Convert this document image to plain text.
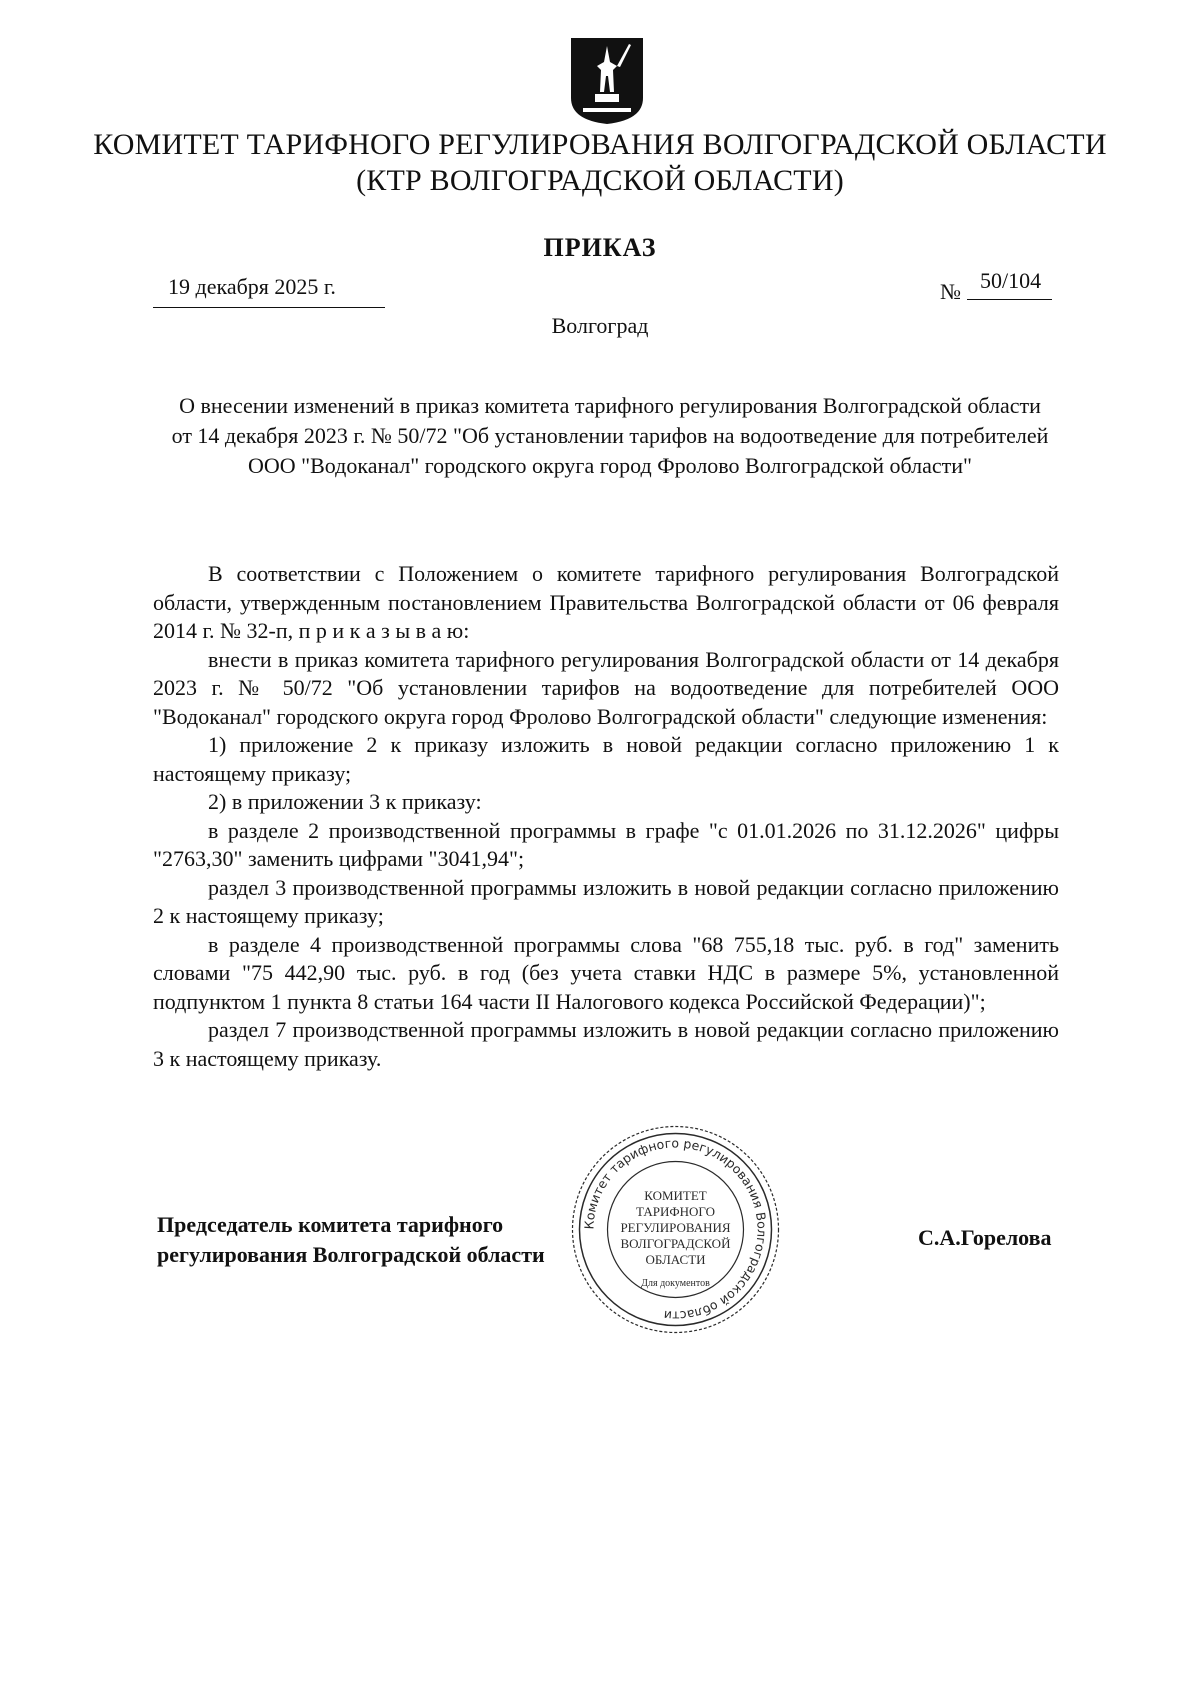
КОМИТЕТ ТАРИФНОГО РЕГУЛИРОВАНИЯ ВОЛГОГРАДСКОЙ ОБЛАСТИ
(КТР ВОЛГОГРАДСКОЙ ОБЛАСТИ)
ПРИКАЗ
19 декабря 2025 г.	№ 50/104
Волгоград
О внесении изменений в приказ комитета тарифного регулирования Волгоградской области от 14 декабря 2023 г. № 50/72 "Об установлении тарифов на водоотведение для потребителей ООО "Водоканал" городского округа город Фролово Волгоградской области"

В соответствии с Положением о комитете тарифного регулирования Волгоградской области, утвержденным постановлением Правительства Волгоградской области от 06 февраля 2014 г. № 32-п, п р и к а з ы в а ю:

внести в приказ комитета тарифного регулирования Волгоградской области от 14 декабря 2023 г. № 50/72 "Об установлении тарифов на водоотведение для потребителей ООО "Водоканал" городского округа город Фролово Волгоградской области" следующие изменения:

1) приложение 2 к приказу изложить в новой редакции согласно приложению 1 к настоящему приказу;

2) в приложении 3 к приказу:

в разделе 2 производственной программы в графе "с 01.01.2026 по 31.12.2026" цифры "2763,30" заменить цифрами "3041,94";

раздел 3 производственной программы изложить в новой редакции согласно приложению 2 к настоящему приказу;

в разделе 4 производственной программы слова "68 755,18 тыс. руб. в год" заменить словами "75 442,90 тыс. руб. в год (без учета ставки НДС в размере 5%, установленной подпунктом 1 пункта 8 статьи 164 части II Налогового кодекса Российской Федерации)";

раздел 7 производственной программы изложить в новой редакции согласно приложению 3 к настоящему приказу.

Председатель комитета тарифного
регулирования Волгоградской области
С.А.Горелова
Комитет тарифного регулирования Волгоградской области
КОМИТЕТ
ТАРИФНОГО
РЕГУЛИРОВАНИЯ
ВОЛГОГРАДСКОЙ
ОБЛАСТИ
Для документов
